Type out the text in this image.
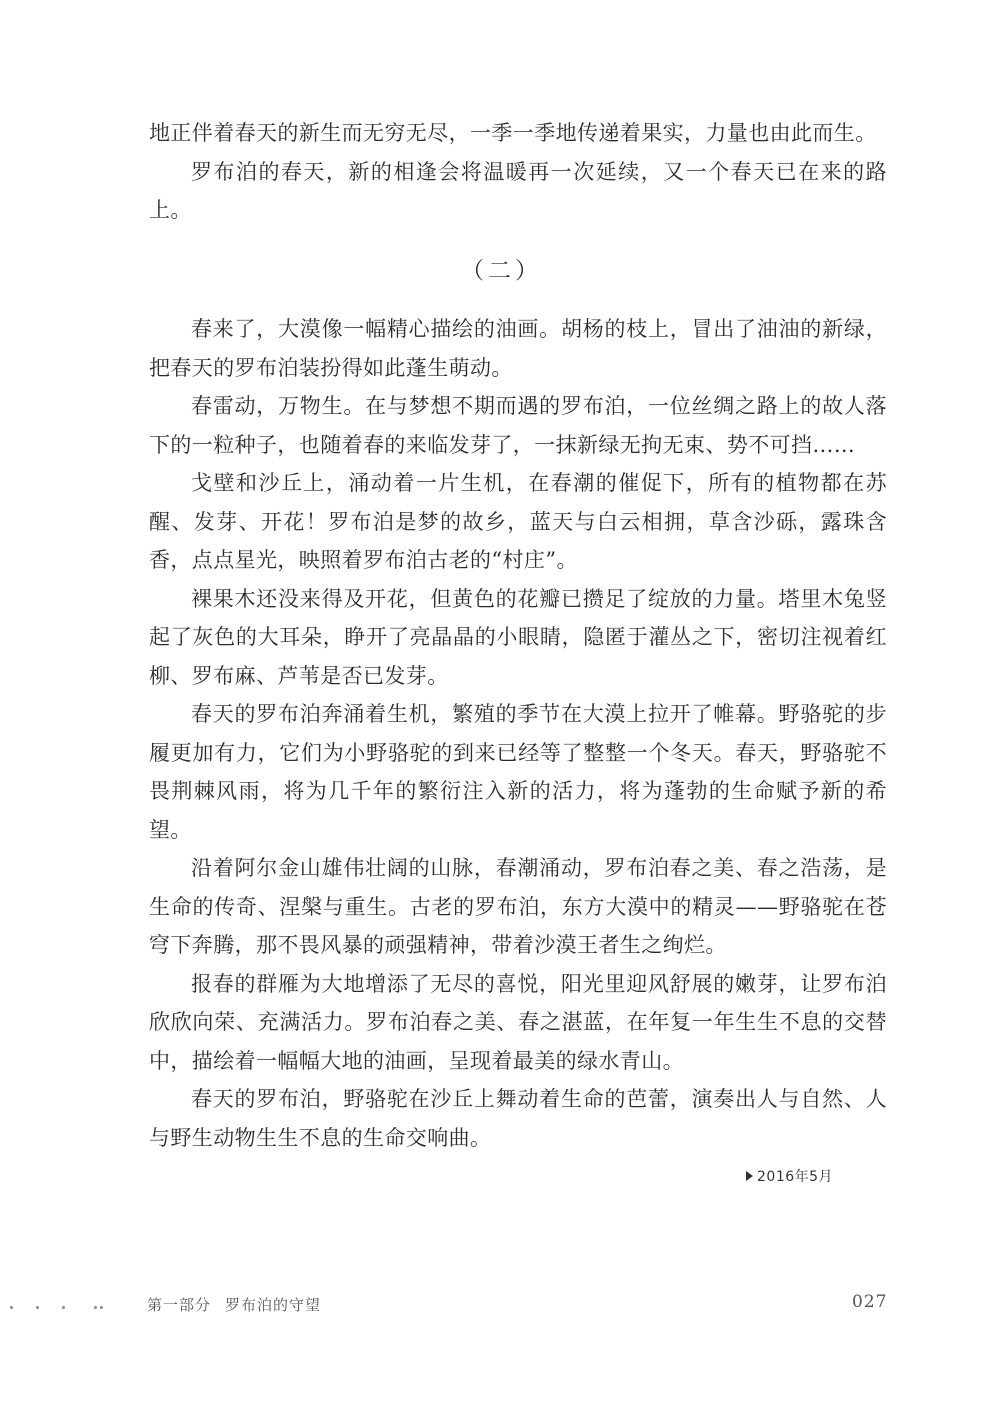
地正伴着春天的新生而无穷无尽，一季一季地传递着果实，力量也由此而生。

罗布泊的春天，新的相逢会将温暖再一次延续，又一个春天已在来的路上。

（二）

春来了，大漠像一幅精心描绘的油画。胡杨的枝上，冒出了油油的新绿，把春天的罗布泊装扮得如此蓬生萌动。

春雷动，万物生。在与梦想不期而遇的罗布泊，一位丝绸之路上的故人落下的一粒种子，也随着春的来临发芽了，一抹新绿无拘无束、势不可挡……

戈壁和沙丘上，涌动着一片生机，在春潮的催促下，所有的植物都在苏醒、发芽、开花！罗布泊是梦的故乡，蓝天与白云相拥，草含沙砾，露珠含香，点点星光，映照着罗布泊古老的“村庄”。

裸果木还没来得及开花，但黄色的花瓣已攒足了绽放的力量。塔里木兔竖起了灰色的大耳朵，睁开了亮晶晶的小眼睛，隐匿于灌丛之下，密切注视着红柳、罗布麻、芦苇是否已发芽。

春天的罗布泊奔涌着生机，繁殖的季节在大漠上拉开了帷幕。野骆驼的步履更加有力，它们为小野骆驼的到来已经等了整整一个冬天。春天，野骆驼不畏荆棘风雨，将为几千年的繁衍注入新的活力，将为蓬勃的生命赋予新的希望。

沿着阿尔金山雄伟壮阔的山脉，春潮涌动，罗布泊春之美、春之浩荡，是生命的传奇、涅槃与重生。古老的罗布泊，东方大漠中的精灵——野骆驼在苍穹下奔腾，那不畏风暴的顽强精神，带着沙漠王者生之绚烂。

报春的群雁为大地增添了无尽的喜悦，阳光里迎风舒展的嫩芽，让罗布泊欣欣向荣、充满活力。罗布泊春之美、春之湛蓝，在年复一年生生不息的交替中，描绘着一幅幅大地的油画，呈现着最美的绿水青山。

春天的罗布泊，野骆驼在沙丘上舞动着生命的芭蕾，演奏出人与自然、人与野生动物生生不息的生命交响曲。

2016年5月
第一部分 罗布泊的守望	027
